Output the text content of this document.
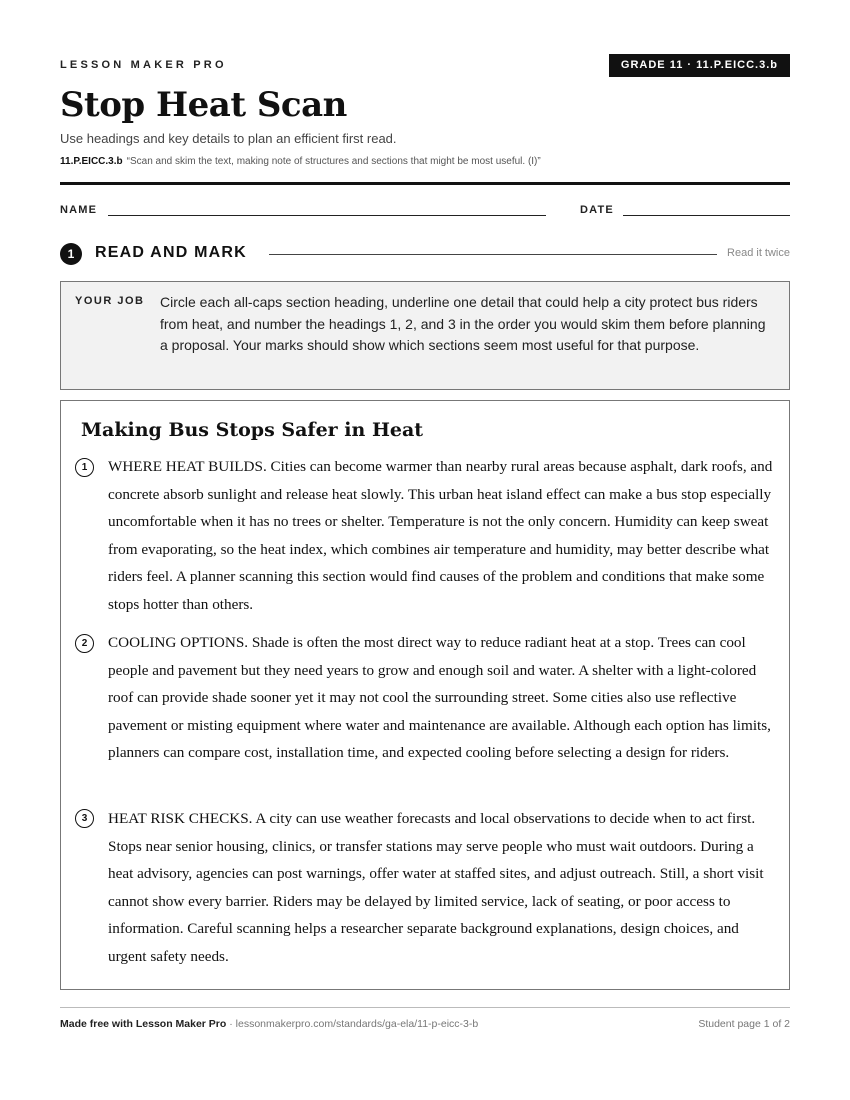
LESSON MAKER PRO	GRADE 11 · 11.P.EICC.3.b
Stop Heat Scan
Use headings and key details to plan an efficient first read.
11.P.EICC.3.b “Scan and skim the text, making note of structures and sections that might be most useful. (I)”
NAME	DATE
1	READ AND MARK	Read it twice
YOUR JOB Circle each all-caps section heading, underline one detail that could help a city protect bus riders from heat, and number the headings 1, 2, and 3 in the order you would skim them before planning a proposal. Your marks should show which sections seem most useful for that purpose.
Making Bus Stops Safer in Heat
1	WHERE HEAT BUILDS. Cities can become warmer than nearby rural areas because asphalt, dark roofs, and concrete absorb sunlight and release heat slowly. This urban heat island effect can make a bus stop especially uncomfortable when it has no trees or shelter. Temperature is not the only concern. Humidity can keep sweat from evaporating, so the heat index, which combines air temperature and humidity, may better describe what riders feel. A planner scanning this section would find causes of the problem and conditions that make some stops hotter than others.

2	COOLING OPTIONS. Shade is often the most direct way to reduce radiant heat at a stop. Trees can cool people and pavement but they need years to grow and enough soil and water. A shelter with a light-colored roof can provide shade sooner yet it may not cool the surrounding street. Some cities also use reflective pavement or misting equipment where water and maintenance are available. Although each option has limits, planners can compare cost, installation time, and expected cooling before selecting a design for riders.

3	HEAT RISK CHECKS. A city can use weather forecasts and local observations to decide when to act first. Stops near senior housing, clinics, or transfer stations may serve people who must wait outdoors. During a heat advisory, agencies can post warnings, offer water at staffed sites, and adjust outreach. Still, a short visit cannot show every barrier. Riders may be delayed by limited service, lack of seating, or poor access to information. Careful scanning helps a researcher separate background explanations, design choices, and urgent safety needs.

Made free with Lesson Maker Pro · lessonmakerpro.com/standards/ga-ela/11-p-eicc-3-b	Student page 1 of 2
